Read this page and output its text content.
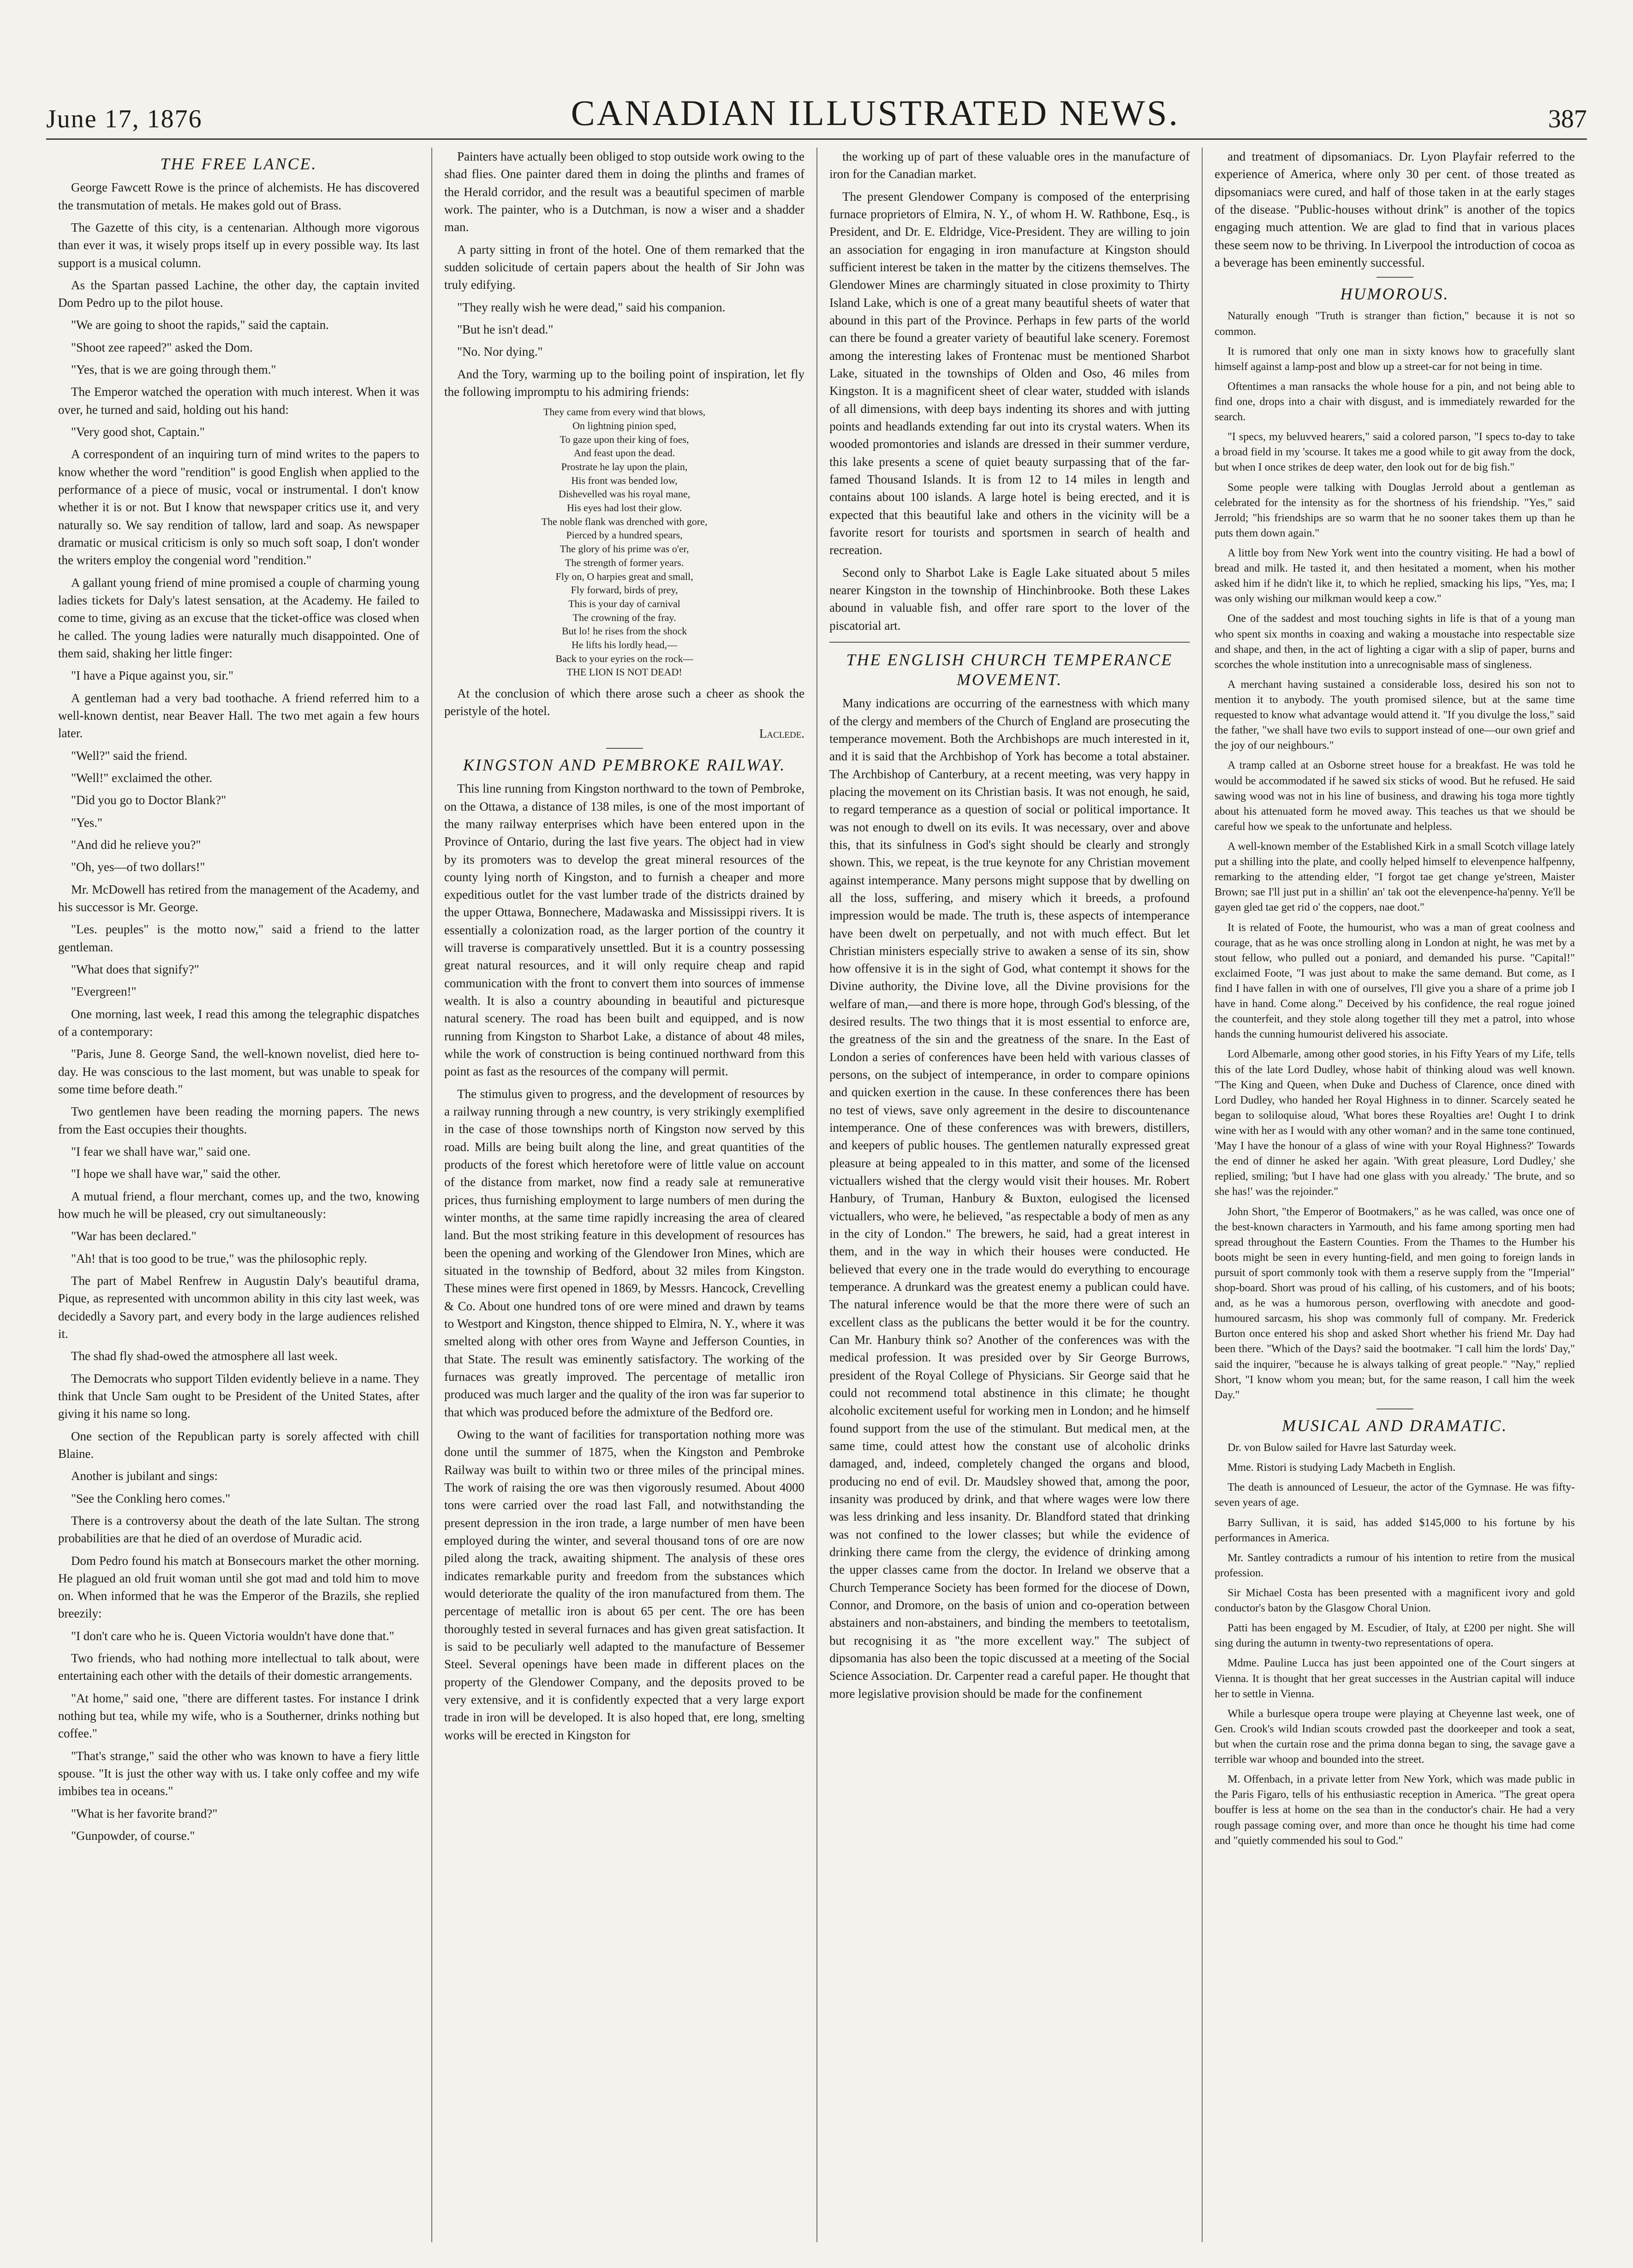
June 17, 1876	CANADIAN ILLUSTRATED NEWS.	387
THE FREE LANCE.

George Fawcett Rowe is the prince of alchemists. He has discovered the transmutation of metals. He makes gold out of Brass.

The Gazette of this city, is a centenarian. Although more vigorous than ever it was, it wisely props itself up in every possible way. Its last support is a musical column.

As the Spartan passed Lachine, the other day, the captain invited Dom Pedro up to the pilot house.

"We are going to shoot the rapids," said the captain.

"Shoot zee rapeed?" asked the Dom.

"Yes, that is we are going through them."

The Emperor watched the operation with much interest. When it was over, he turned and said, holding out his hand:

"Very good shot, Captain."

A correspondent of an inquiring turn of mind writes to the papers to know whether the word "rendition" is good English when applied to the performance of a piece of music, vocal or instrumental. I don't know whether it is or not. But I know that newspaper critics use it, and very naturally so. We say rendition of tallow, lard and soap. As newspaper dramatic or musical criticism is only so much soft soap, I don't wonder the writers employ the congenial word "rendition."

A gallant young friend of mine promised a couple of charming young ladies tickets for Daly's latest sensation, at the Academy. He failed to come to time, giving as an excuse that the ticket-office was closed when he called. The young ladies were naturally much disappointed. One of them said, shaking her little finger:

"I have a Pique against you, sir."

A gentleman had a very bad toothache. A friend referred him to a well-known dentist, near Beaver Hall. The two met again a few hours later.

"Well?" said the friend.

"Well!" exclaimed the other.

"Did you go to Doctor Blank?"

"Yes."

"And did he relieve you?"

"Oh, yes—of two dollars!"

Mr. McDowell has retired from the management of the Academy, and his successor is Mr. George.

"Les. peuples" is the motto now," said a friend to the latter gentleman.

"What does that signify?"

"Evergreen!"

One morning, last week, I read this among the telegraphic dispatches of a contemporary:

"Paris, June 8. George Sand, the well-known novelist, died here to-day. He was conscious to the last moment, but was unable to speak for some time before death."

Two gentlemen have been reading the morning papers. The news from the East occupies their thoughts.

"I fear we shall have war," said one.

"I hope we shall have war," said the other.

A mutual friend, a flour merchant, comes up, and the two, knowing how much he will be pleased, cry out simultaneously:

"War has been declared."

"Ah! that is too good to be true," was the philosophic reply.

The part of Mabel Renfrew in Augustin Daly's beautiful drama, Pique, as represented with uncommon ability in this city last week, was decidedly a Savory part, and every body in the large audiences relished it.

The shad fly shad-owed the atmosphere all last week.

The Democrats who support Tilden evidently believe in a name. They think that Uncle Sam ought to be President of the United States, after giving it his name so long.

One section of the Republican party is sorely affected with chill Blaine.

Another is jubilant and sings:

"See the Conkling hero comes."

There is a controversy about the death of the late Sultan. The strong probabilities are that he died of an overdose of Muradic acid.

Dom Pedro found his match at Bonsecours market the other morning. He plagued an old fruit woman until she got mad and told him to move on. When informed that he was the Emperor of the Brazils, she replied breezily:

"I don't care who he is. Queen Victoria wouldn't have done that."

Two friends, who had nothing more intellectual to talk about, were entertaining each other with the details of their domestic arrangements.

"At home," said one, "there are different tastes. For instance I drink nothing but tea, while my wife, who is a Southerner, drinks nothing but coffee."

"That's strange," said the other who was known to have a fiery little spouse. "It is just the other way with us. I take only coffee and my wife imbibes tea in oceans."

"What is her favorite brand?"

"Gunpowder, of course."

Painters have actually been obliged to stop outside work owing to the shad flies. One painter dared them in doing the plinths and frames of the Herald corridor, and the result was a beautiful specimen of marble work. The painter, who is a Dutchman, is now a wiser and a shadder man.

A party sitting in front of the hotel. One of them remarked that the sudden solicitude of certain papers about the health of Sir John was truly edifying.

"They really wish he were dead," said his companion.

"But he isn't dead."

"No. Nor dying."

And the Tory, warming up to the boiling point of inspiration, let fly the following impromptu to his admiring friends:

They came from every wind that blows,
On lightning pinion sped,
To gaze upon their king of foes,
And feast upon the dead.
Prostrate he lay upon the plain,
His front was bended low,
Dishevelled was his royal mane,
His eyes had lost their glow.
The noble flank was drenched with gore,
Pierced by a hundred spears,
The glory of his prime was o'er,
The strength of former years.
Fly on, O harpies great and small,
Fly forward, birds of prey,
This is your day of carnival
The crowning of the fray.
But lo! he rises from the shock
He lifts his lordly head,—
Back to your eyries on the rock—
THE LION IS NOT DEAD!

At the conclusion of which there arose such a cheer as shook the peristyle of the hotel.

Laclede.
KINGSTON AND PEMBROKE RAILWAY.

This line running from Kingston northward to the town of Pembroke, on the Ottawa, a distance of 138 miles, is one of the most important of the many railway enterprises which have been entered upon in the Province of Ontario, during the last five years. The object had in view by its promoters was to develop the great mineral resources of the county lying north of Kingston, and to furnish a cheaper and more expeditious outlet for the vast lumber trade of the districts drained by the upper Ottawa, Bonnechere, Madawaska and Mississippi rivers. It is essentially a colonization road, as the larger portion of the country it will traverse is comparatively unsettled. But it is a country possessing great natural resources, and it will only require cheap and rapid communication with the front to convert them into sources of immense wealth. It is also a country abounding in beautiful and picturesque natural scenery. The road has been built and equipped, and is now running from Kingston to Sharbot Lake, a distance of about 48 miles, while the work of construction is being continued northward from this point as fast as the resources of the company will permit.

The stimulus given to progress, and the development of resources by a railway running through a new country, is very strikingly exemplified in the case of those townships north of Kingston now served by this road. Mills are being built along the line, and great quantities of the products of the forest which heretofore were of little value on account of the distance from market, now find a ready sale at remunerative prices, thus furnishing employment to large numbers of men during the winter months, at the same time rapidly increasing the area of cleared land. But the most striking feature in this development of resources has been the opening and working of the Glendower Iron Mines, which are situated in the township of Bedford, about 32 miles from Kingston. These mines were first opened in 1869, by Messrs. Hancock, Crevelling & Co. About one hundred tons of ore were mined and drawn by teams to Westport and Kingston, thence shipped to Elmira, N. Y., where it was smelted along with other ores from Wayne and Jefferson Counties, in that State. The result was eminently satisfactory. The working of the furnaces was greatly improved. The percentage of metallic iron produced was much larger and the quality of the iron was far superior to that which was produced before the admixture of the Bedford ore.

Owing to the want of facilities for transportation nothing more was done until the summer of 1875, when the Kingston and Pembroke Railway was built to within two or three miles of the principal mines. The work of raising the ore was then vigorously resumed. About 4000 tons were carried over the road last Fall, and notwithstanding the present depression in the iron trade, a large number of men have been employed during the winter, and several thousand tons of ore are now piled along the track, awaiting shipment. The analysis of these ores indicates remarkable purity and freedom from the substances which would deteriorate the quality of the iron manufactured from them. The percentage of metallic iron is about 65 per cent. The ore has been thoroughly tested in several furnaces and has given great satisfaction. It is said to be peculiarly well adapted to the manufacture of Bessemer Steel. Several openings have been made in different places on the property of the Glendower Company, and the deposits proved to be very extensive, and it is confidently expected that a very large export trade in iron will be developed. It is also hoped that, ere long, smelting works will be erected in Kingston for

the working up of part of these valuable ores in the manufacture of iron for the Canadian market.

The present Glendower Company is composed of the enterprising furnace proprietors of Elmira, N. Y., of whom H. W. Rathbone, Esq., is President, and Dr. E. Eldridge, Vice-President. They are willing to join an association for engaging in iron manufacture at Kingston should sufficient interest be taken in the matter by the citizens themselves. The Glendower Mines are charmingly situated in close proximity to Thirty Island Lake, which is one of a great many beautiful sheets of water that abound in this part of the Province. Perhaps in few parts of the world can there be found a greater variety of beautiful lake scenery. Foremost among the interesting lakes of Frontenac must be mentioned Sharbot Lake, situated in the townships of Olden and Oso, 46 miles from Kingston. It is a magnificent sheet of clear water, studded with islands of all dimensions, with deep bays indenting its shores and with jutting points and headlands extending far out into its crystal waters. When its wooded promontories and islands are dressed in their summer verdure, this lake presents a scene of quiet beauty surpassing that of the far-famed Thousand Islands. It is from 12 to 14 miles in length and contains about 100 islands. A large hotel is being erected, and it is expected that this beautiful lake and others in the vicinity will be a favorite resort for tourists and sportsmen in search of health and recreation.

Second only to Sharbot Lake is Eagle Lake situated about 5 miles nearer Kingston in the township of Hinchinbrooke. Both these Lakes abound in valuable fish, and offer rare sport to the lover of the piscatorial art.

THE ENGLISH CHURCH TEMPERANCE MOVEMENT.

Many indications are occurring of the earnestness with which many of the clergy and members of the Church of England are prosecuting the temperance movement. Both the Archbishops are much interested in it, and it is said that the Archbishop of York has become a total abstainer. The Archbishop of Canterbury, at a recent meeting, was very happy in placing the movement on its Christian basis. It was not enough, he said, to regard temperance as a question of social or political importance. It was not enough to dwell on its evils. It was necessary, over and above this, that its sinfulness in God's sight should be clearly and strongly shown. This, we repeat, is the true keynote for any Christian movement against intemperance. Many persons might suppose that by dwelling on all the loss, suffering, and misery which it breeds, a profound impression would be made. The truth is, these aspects of intemperance have been dwelt on perpetually, and not with much effect. But let Christian ministers especially strive to awaken a sense of its sin, show how offensive it is in the sight of God, what contempt it shows for the Divine authority, the Divine love, all the Divine provisions for the welfare of man,—and there is more hope, through God's blessing, of the desired results. The two things that it is most essential to enforce are, the greatness of the sin and the greatness of the snare. In the East of London a series of conferences have been held with various classes of persons, on the subject of intemperance, in order to compare opinions and quicken exertion in the cause. In these conferences there has been no test of views, save only agreement in the desire to discountenance intemperance. One of these conferences was with brewers, distillers, and keepers of public houses. The gentlemen naturally expressed great pleasure at being appealed to in this matter, and some of the licensed victuallers wished that the clergy would visit their houses. Mr. Robert Hanbury, of Truman, Hanbury & Buxton, eulogised the licensed victuallers, who were, he believed, "as respectable a body of men as any in the city of London." The brewers, he said, had a great interest in them, and in the way in which their houses were conducted. He believed that every one in the trade would do everything to encourage temperance. A drunkard was the greatest enemy a publican could have. The natural inference would be that the more there were of such an excellent class as the publicans the better would it be for the country. Can Mr. Hanbury think so? Another of the conferences was with the medical profession. It was presided over by Sir George Burrows, president of the Royal College of Physicians. Sir George said that he could not recommend total abstinence in this climate; he thought alcoholic excitement useful for working men in London; and he himself found support from the use of the stimulant. But medical men, at the same time, could attest how the constant use of alcoholic drinks damaged, and, indeed, completely changed the organs and blood, producing no end of evil. Dr. Maudsley showed that, among the poor, insanity was produced by drink, and that where wages were low there was less drinking and less insanity. Dr. Blandford stated that drinking was not confined to the lower classes; but while the evidence of drinking there came from the clergy, the evidence of drinking among the upper classes came from the doctor. In Ireland we observe that a Church Temperance Society has been formed for the diocese of Down, Connor, and Dromore, on the basis of union and co-operation between abstainers and non-abstainers, and binding the members to teetotalism, but recognising it as "the more excellent way." The subject of dipsomania has also been the topic discussed at a meeting of the Social Science Association. Dr. Carpenter read a careful paper. He thought that more legislative provision should be made for the confinement

and treatment of dipsomaniacs. Dr. Lyon Playfair referred to the experience of America, where only 30 per cent. of those treated as dipsomaniacs were cured, and half of those taken in at the early stages of the disease. "Public-houses without drink" is another of the topics engaging much attention. We are glad to find that in various places these seem now to be thriving. In Liverpool the introduction of cocoa as a beverage has been eminently successful.

HUMOROUS.

Naturally enough "Truth is stranger than fiction," because it is not so common.

It is rumored that only one man in sixty knows how to gracefully slant himself against a lamp-post and blow up a street-car for not being in time.

Oftentimes a man ransacks the whole house for a pin, and not being able to find one, drops into a chair with disgust, and is immediately rewarded for the search.

"I specs, my beluvved hearers," said a colored parson, "I specs to-day to take a broad field in my 'scourse. It takes me a good while to git away from the dock, but when I once strikes de deep water, den look out for de big fish."

Some people were talking with Douglas Jerrold about a gentleman as celebrated for the intensity as for the shortness of his friendship. "Yes," said Jerrold; "his friendships are so warm that he no sooner takes them up than he puts them down again."

A little boy from New York went into the country visiting. He had a bowl of bread and milk. He tasted it, and then hesitated a moment, when his mother asked him if he didn't like it, to which he replied, smacking his lips, "Yes, ma; I was only wishing our milkman would keep a cow."

One of the saddest and most touching sights in life is that of a young man who spent six months in coaxing and waking a moustache into respectable size and shape, and then, in the act of lighting a cigar with a slip of paper, burns and scorches the whole institution into a unrecognisable mass of singleness.

A merchant having sustained a considerable loss, desired his son not to mention it to anybody. The youth promised silence, but at the same time requested to know what advantage would attend it. "If you divulge the loss," said the father, "we shall have two evils to support instead of one—our own grief and the joy of our neighbours."

A tramp called at an Osborne street house for a breakfast. He was told he would be accommodated if he sawed six sticks of wood. But he refused. He said sawing wood was not in his line of business, and drawing his toga more tightly about his attenuated form he moved away. This teaches us that we should be careful how we speak to the unfortunate and helpless.

A well-known member of the Established Kirk in a small Scotch village lately put a shilling into the plate, and coolly helped himself to elevenpence halfpenny, remarking to the attending elder, "I forgot tae get change ye'streen, Maister Brown; sae I'll just put in a shillin' an' tak oot the elevenpence-ha'penny. Ye'll be gayen gled tae get rid o' the coppers, nae doot."

It is related of Foote, the humourist, who was a man of great coolness and courage, that as he was once strolling along in London at night, he was met by a stout fellow, who pulled out a poniard, and demanded his purse. "Capital!" exclaimed Foote, "I was just about to make the same demand. But come, as I find I have fallen in with one of ourselves, I'll give you a share of a prime job I have in hand. Come along." Deceived by his confidence, the real rogue joined the counterfeit, and they stole along together till they met a patrol, into whose hands the cunning humourist delivered his associate.

Lord Albemarle, among other good stories, in his Fifty Years of my Life, tells this of the late Lord Dudley, whose habit of thinking aloud was well known. "The King and Queen, when Duke and Duchess of Clarence, once dined with Lord Dudley, who handed her Royal Highness in to dinner. Scarcely seated he began to soliloquise aloud, 'What bores these Royalties are! Ought I to drink wine with her as I would with any other woman? and in the same tone continued, 'May I have the honour of a glass of wine with your Royal Highness?' Towards the end of dinner he asked her again. 'With great pleasure, Lord Dudley,' she replied, smiling; 'but I have had one glass with you already.' 'The brute, and so she has!' was the rejoinder."

John Short, "the Emperor of Bootmakers," as he was called, was once one of the best-known characters in Yarmouth, and his fame among sporting men had spread throughout the Eastern Counties. From the Thames to the Humber his boots might be seen in every hunting-field, and men going to foreign lands in pursuit of sport commonly took with them a reserve supply from the "Imperial" shop-board. Short was proud of his calling, of his customers, and of his boots; and, as he was a humorous person, overflowing with anecdote and good-humoured sarcasm, his shop was commonly full of company. Mr. Frederick Burton once entered his shop and asked Short whether his friend Mr. Day had been there. "Which of the Days? said the bootmaker. "I call him the lords' Day," said the inquirer, "because he is always talking of great people." "Nay," replied Short, "I know whom you mean; but, for the same reason, I call him the week Day."

MUSICAL AND DRAMATIC.

Dr. von Bulow sailed for Havre last Saturday week.

Mme. Ristori is studying Lady Macbeth in English.

The death is announced of Lesueur, the actor of the Gymnase. He was fifty-seven years of age.

Barry Sullivan, it is said, has added $145,000 to his fortune by his performances in America.

Mr. Santley contradicts a rumour of his intention to retire from the musical profession.

Sir Michael Costa has been presented with a magnificent ivory and gold conductor's baton by the Glasgow Choral Union.

Patti has been engaged by M. Escudier, of Italy, at £200 per night. She will sing during the autumn in twenty-two representations of opera.

Mdme. Pauline Lucca has just been appointed one of the Court singers at Vienna. It is thought that her great successes in the Austrian capital will induce her to settle in Vienna.

While a burlesque opera troupe were playing at Cheyenne last week, one of Gen. Crook's wild Indian scouts crowded past the doorkeeper and took a seat, but when the curtain rose and the prima donna began to sing, the savage gave a terrible war whoop and bounded into the street.

M. Offenbach, in a private letter from New York, which was made public in the Paris Figaro, tells of his enthusiastic reception in America. "The great opera bouffer is less at home on the sea than in the conductor's chair. He had a very rough passage coming over, and more than once he thought his time had come and "quietly commended his soul to God."
